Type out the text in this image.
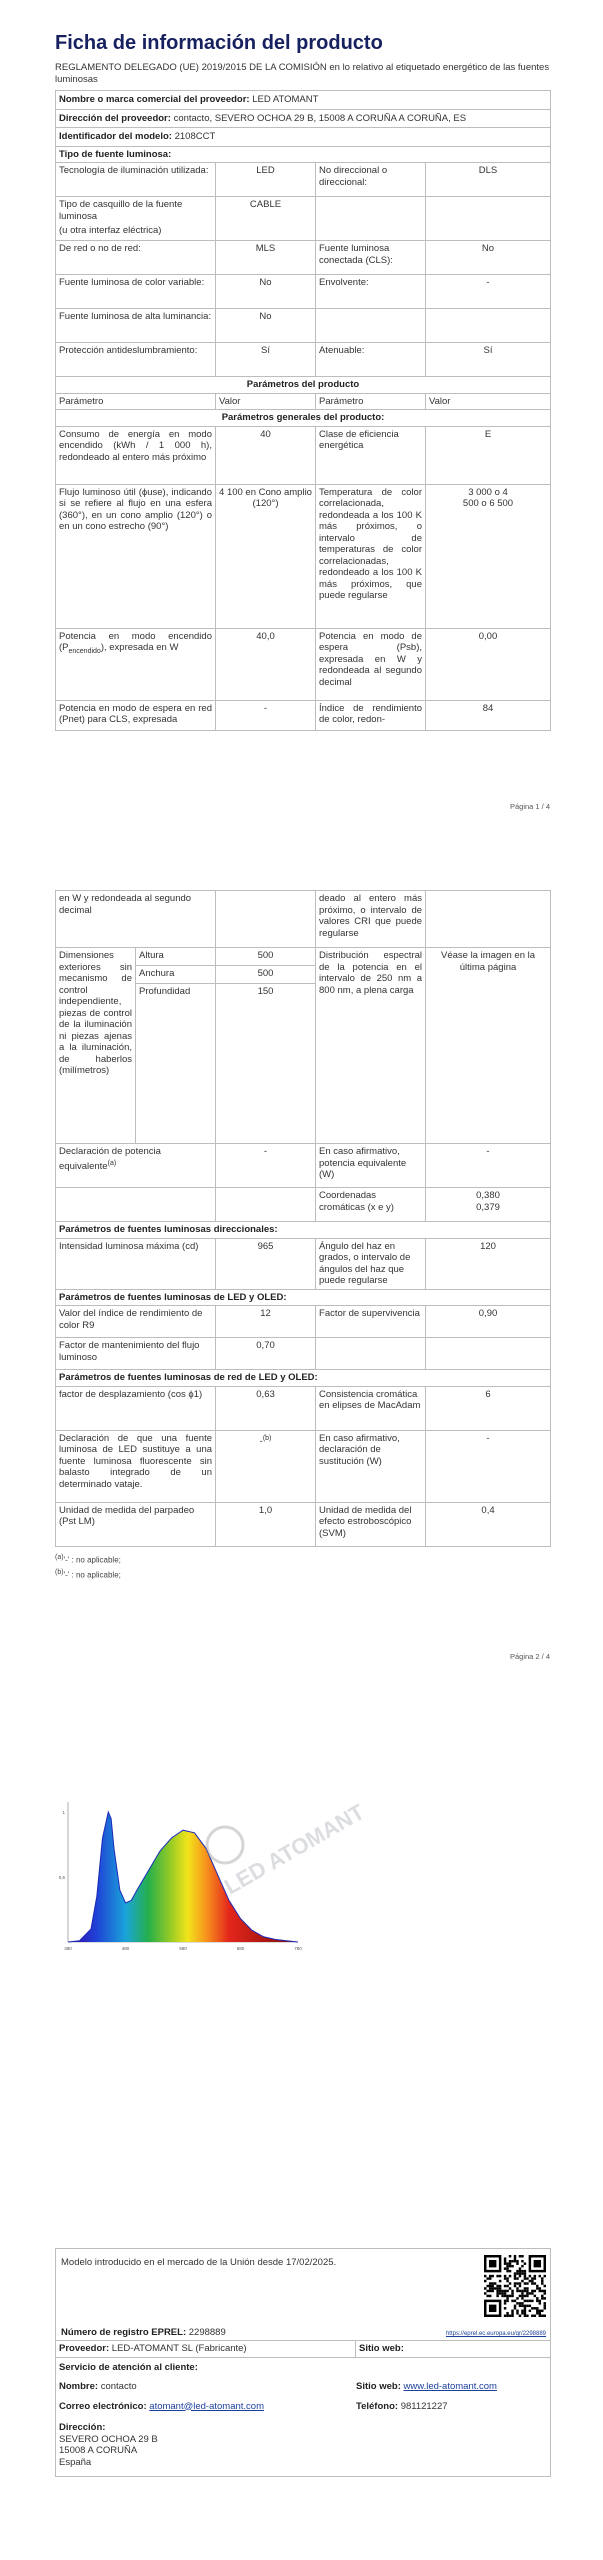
Ficha de información del producto
REGLAMENTO DELEGADO (UE) 2019/2015 DE LA COMISIÓN en lo relativo al etiquetado energético de las fuentes luminosas
Nombre o marca comercial del proveedor: LED ATOMANT
Dirección del proveedor: contacto, SEVERO OCHOA 29 B, 15008 A CORUÑA A CORUÑA, ES
Identificador del modelo: 2108CCT
Tipo de fuente luminosa:
Tecnología de iluminación utilizada:	LED	No direccional o direccional:	DLS

Tipo de casquillo de la fuente luminosa
(u otra interfaz eléctrica)	CABLE		
De red o no de red:	MLS	Fuente luminosa conectada (CLS):	No
Fuente luminosa de color variable:	No	Envolvente:	-
Fuente luminosa de alta luminancia:	No		
Protección antideslumbramiento:	Sí	Atenuable:	Sí
Parámetros del producto			
Parámetro	Valor	Parámetro	Valor
Parámetros generales del producto:			
Consumo de energía en modo encendido (kWh / 1 000 h), redondeado al entero más próximo	40	Clase de eficiencia energética	E
Flujo luminoso útil (ϕuse), indicando si se refiere al flujo en una esfera (360°), en un cono amplio (120°) o en un cono estrecho (90°)	4 100 en Cono amplio (120°)	Temperatura de color correlacionada, redondeada a los 100 K más próximos, o intervalo de temperaturas de color correlacionadas, redondeado a los 100 K más próximos, que puede regularse	3 000 o 4
500 o 6 500

Potencia en modo encendido $(P_{encendido})$, expresada en W	40,0	Potencia en modo de espera (Psb), expresada en W y redondeada al segundo decimal	0,00
Potencia en modo de espera en red (Pnet) para CLS, expresada	-	Índice de rendimiento de color, redon-	84
Página 1 / 4
en W y redondeada al segundo decimal			deado al entero más próximo, o intervalo de valores CRI que puede regularse	
Dimensiones exteriores sin mecanismo de control independiente, piezas de control de la iluminación ni piezas ajenas a la iluminación, de haberlos (milímetros)	Altura	500	Distribución espectral de la potencia en el intervalo de 250 nm a 800 nm, a plena carga	Véase la imagen en la última página
	Anchura	500		
	Profundidad	150		
Declaración de potencia equivalente$^{(a)}$		-	En caso afirmativo, potencia equivalente (W)	-
			Coordenadas cromáticas (x e y)	0,380
0,379

Parámetros de fuentes luminosas direccionales:				
Intensidad luminosa máxima (cd)		965	Ángulo del haz en grados, o intervalo de ángulos del haz que puede regularse	120
Parámetros de fuentes luminosas de LED y OLED:				
Valor del índice de rendimiento de color R9		12	Factor de supervivencia	0,90
Factor de mantenimiento del flujo luminoso		0,70		
Parámetros de fuentes luminosas de red de LED y OLED:				
factor de desplazamiento (cos ϕ1)		0,63	Consistencia cromática en elipses de MacAdam	6
Declaración de que una fuente luminosa de LED sustituye a una fuente luminosa fluorescente sin balasto integrado de un determinado vataje.		-$^{(b)}$	En caso afirmativo, declaración de sustitución (W)	-
Unidad de medida del parpadeo (Pst LM)		1,0	Unidad de medida del efecto estroboscópico (SVM)	0,4
$^{(a)}$'-' : no aplicable;
$^{(b)}$'-' : no aplicable;
Página 2 / 4
380	480	580	680	780
0,5
1	LED ATOMANT
Modelo introducido en el mercado de la Unión desde 17/02/2025.
Número de registro EPREL: 2298889	https://eprel.ec.europa.eu/qr/2298889

Proveedor: LED-ATOMANT SL (Fabricante)	Sitio web:

Servicio de atención al cliente:
Nombre: contacto	Sitio web: www.led-atomant.com
Correo electrónico: atomant@led-atomant.com	Teléfono: 981121227
Dirección:
SEVERO OCHOA 29 B
15008 A CORUÑA
España
